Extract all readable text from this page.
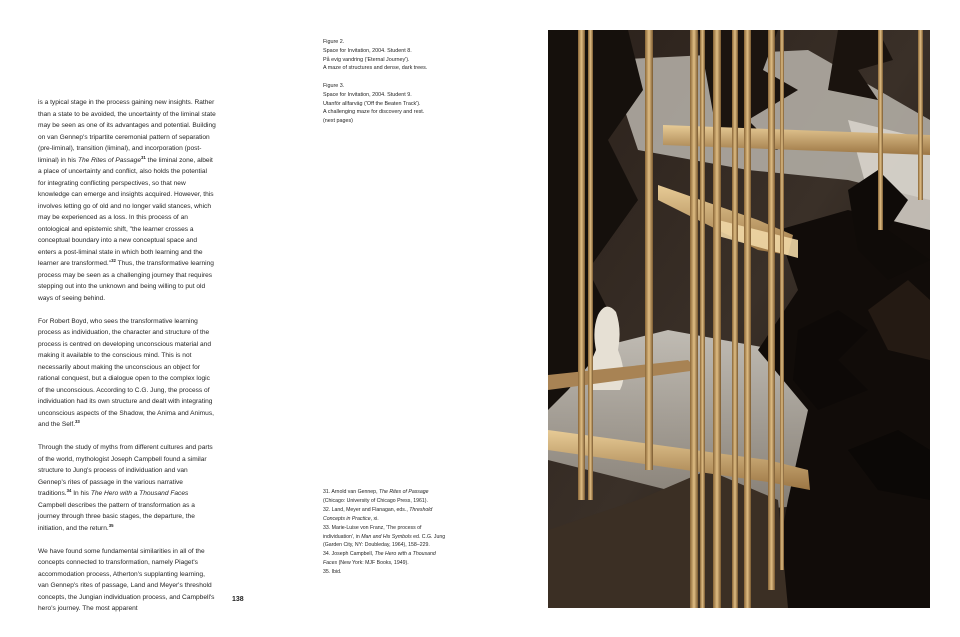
is a typical stage in the process gaining new insights. Rather than a state to be avoided, the uncertainty of the liminal state may be seen as one of its advantages and potential. Building on van Gennep's tripartite ceremonial pattern of separation (pre-liminal), transition (liminal), and incorporation (post-liminal) in his The Rites of Passage$^{31}$ the liminal zone, albeit a place of uncertainty and conflict, also holds the potential for integrating conflicting perspectives, so that new knowledge can emerge and insights acquired. However, this involves letting go of old and no longer valid stances, which may be experienced as a loss. In this process of an ontological and epistemic shift, "the learner crosses a conceptual boundary into a new conceptual space and enters a post-liminal state in which both learning and the learner are transformed."$^{32}$ Thus, the transformative learning process may be seen as a challenging journey that requires stepping out into the unknown and being willing to put old ways of seeing behind.

For Robert Boyd, who sees the transformative learning process as individuation, the character and structure of the process is centred on developing unconscious material and making it available to the conscious mind. This is not necessarily about making the unconscious an object for rational conquest, but a dialogue open to the complex logic of the unconscious. According to C.G. Jung, the process of individuation had its own structure and dealt with integrating unconscious aspects of the Shadow, the Anima and Animus, and the Self.$^{33}$

Through the study of myths from different cultures and parts of the world, mythologist Joseph Campbell found a similar structure to Jung's process of individuation and van Gennep's rites of passage in the various narrative traditions.$^{34}$ In his The Hero with a Thousand Faces Campbell describes the pattern of transformation as a journey through three basic stages, the departure, the initiation, and the return.$^{35}$

We have found some fundamental similarities in all of the concepts connected to transformation, namely Piaget's accommodation process, Atherton's supplanting learning, van Gennep's rites of passage, Land and Meyer's threshold concepts, the Jungian individuation process, and Campbell's hero's journey. The most apparent

Figure 2.
Space for Invitation, 2004. Student 8.
På evig vandring ('Eternal Journey').
A maze of structures and dense, dark trees.
Figure 3.
Space for Invitation, 2004. Student 9.
Utanför allfarväg ('Off the Beaten Track').
A challenging maze for discovery and rest.
(next pages)
31. Arnold van Gennep, The Rites of Passage
(Chicago: University of Chicago Press, 1961).
32. Land, Meyer and Flanagan, eds., Threshold
Concepts in Practice, xi.
33. Marie-Luise von Franz, 'The process of
individuation', in Man and His Symbols ed. C.G. Jung
(Garden City, NY: Doubleday, 1964), 158–229.
34. Joseph Campbell, The Hero with a Thousand
Faces (New York: MJF Books, 1949).
35. Ibid.
138
